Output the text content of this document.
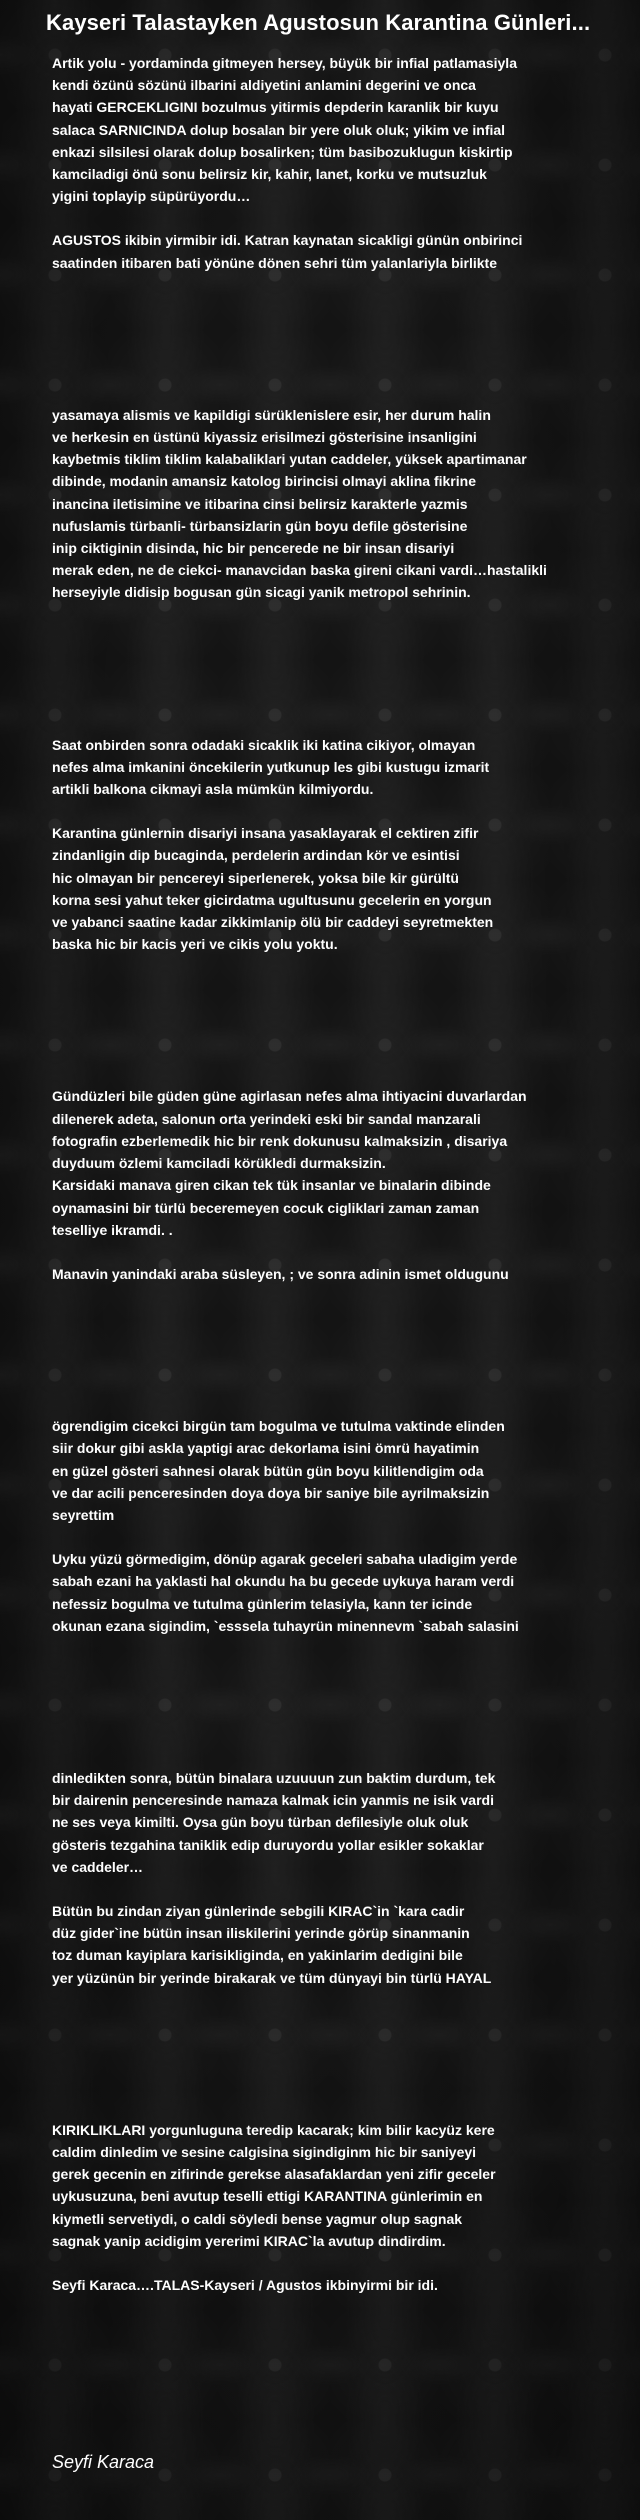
Kayseri Talastayken Agustosun Karantina Günleri...
Artik yolu - yordaminda gitmeyen hersey, büyük bir infial patlamasiyla
kendi özünü sözünü ilbarini aldiyetini anlamini degerini ve onca
hayati GERCEKLIGINI bozulmus yitirmis depderin karanlik bir kuyu
salaca SARNICINDA dolup bosalan bir yere oluk oluk; yikim ve infial
enkazi silsilesi olarak dolup bosalirken; tüm basibozuklugun kiskirtip
kamciladigi önü sonu belirsiz kir, kahir, lanet, korku ve mutsuzluk
yigini toplayip süpürüyordu…
AGUSTOS ikibin yirmibir idi. Katran kaynatan sicakligi günün onbirinci
saatinden itibaren bati yönüne dönen sehri tüm yalanlariyla birlikte
yasamaya alismis ve kapildigi sürüklenislere esir, her durum halin
ve herkesin en üstünü kiyassiz erisilmezi gösterisine insanligini
kaybetmis tiklim tiklim kalabaliklari yutan caddeler, yüksek apartimanar
dibinde, modanin amansiz katolog birincisi olmayi aklina fikrine
inancina iletisimine ve itibarina cinsi belirsiz karakterle yazmis
nufuslamis türbanli- türbansizlarin gün boyu defile gösterisine
inip ciktiginin disinda, hic bir pencerede ne bir insan disariyi
merak eden, ne de ciekci- manavcidan baska gireni cikani vardi…hastalikli
herseyiyle didisip bogusan gün sicagi yanik metropol sehrinin.
Saat onbirden sonra odadaki sicaklik iki katina cikiyor, olmayan
nefes alma imkanini öncekilerin yutkunup les gibi kustugu izmarit
artikli balkona cikmayi asla mümkün kilmiyordu.
Karantina günlernin disariyi insana yasaklayarak el cektiren zifir
zindanligin dip bucaginda, perdelerin ardindan kör ve esintisi
hic olmayan bir pencereyi siperlenerek, yoksa bile kir gürültü
korna sesi yahut teker gicirdatma ugultusunu gecelerin en yorgun
ve yabanci saatine kadar zikkimlanip ölü bir caddeyi seyretmekten
baska hic bir kacis yeri ve cikis yolu yoktu.
Gündüzleri bile güden güne agirlasan nefes alma ihtiyacini duvarlardan
dilenerek adeta, salonun orta yerindeki eski bir sandal manzarali
fotografin ezberlemedik hic bir renk dokunusu kalmaksizin , disariya
duyduum özlemi kamciladi körükledi durmaksizin.
Karsidaki manava giren cikan tek tük insanlar ve binalarin dibinde
oynamasini bir türlü beceremeyen cocuk cigliklari zaman zaman
teselliye ikramdi. .
Manavin yanindaki araba süsleyen, ; ve sonra adinin ismet oldugunu
ögrendigim cicekci birgün tam bogulma ve tutulma vaktinde elinden
siir dokur gibi askla yaptigi arac dekorlama isini ömrü hayatimin
en güzel gösteri sahnesi olarak bütün gün boyu kilitlendigim oda
ve dar acili penceresinden doya doya bir saniye bile ayrilmaksizin
seyrettim
Uyku yüzü görmedigim, dönüp agarak geceleri sabaha uladigim yerde
sabah ezani ha yaklasti hal okundu ha bu gecede uykuya haram verdi
nefessiz bogulma ve tutulma günlerim telasiyla, kann ter icinde
okunan ezana sigindim, `esssela tuhayrün minennevm `sabah salasini
dinledikten sonra, bütün binalara uzuuuun zun baktim durdum, tek
bir dairenin penceresinde namaza kalmak icin yanmis ne isik vardi
ne ses veya kimilti. Oysa gün boyu türban defilesiyle oluk oluk
gösteris tezgahina taniklik edip duruyordu yollar esikler sokaklar
ve caddeler…
Bütün bu zindan ziyan günlerinde sebgili KIRAC`in `kara cadir
düz gider`ine bütün insan iliskilerini yerinde görüp sinanmanin
toz duman kayiplara karisikliginda, en yakinlarim dedigini bile
yer yüzünün bir yerinde birakarak ve tüm dünyayi bin türlü HAYAL
KIRIKLIKLARI yorgunluguna teredip kacarak; kim bilir kacyüz kere
caldim dinledim ve sesine calgisina sigindiginm hic bir saniyeyi
gerek gecenin en zifirinde gerekse alasafaklardan yeni zifir geceler
uykusuzuna, beni avutup teselli ettigi KARANTINA günlerimin en
kiymetli servetiydi, o caldi söyledi bense yagmur olup sagnak
sagnak yanip acidigim yererimi KIRAC`la avutup dindirdim.
Seyfi Karaca….TALAS-Kayseri / Agustos ikbinyirmi bir idi.
Seyfi Karaca
